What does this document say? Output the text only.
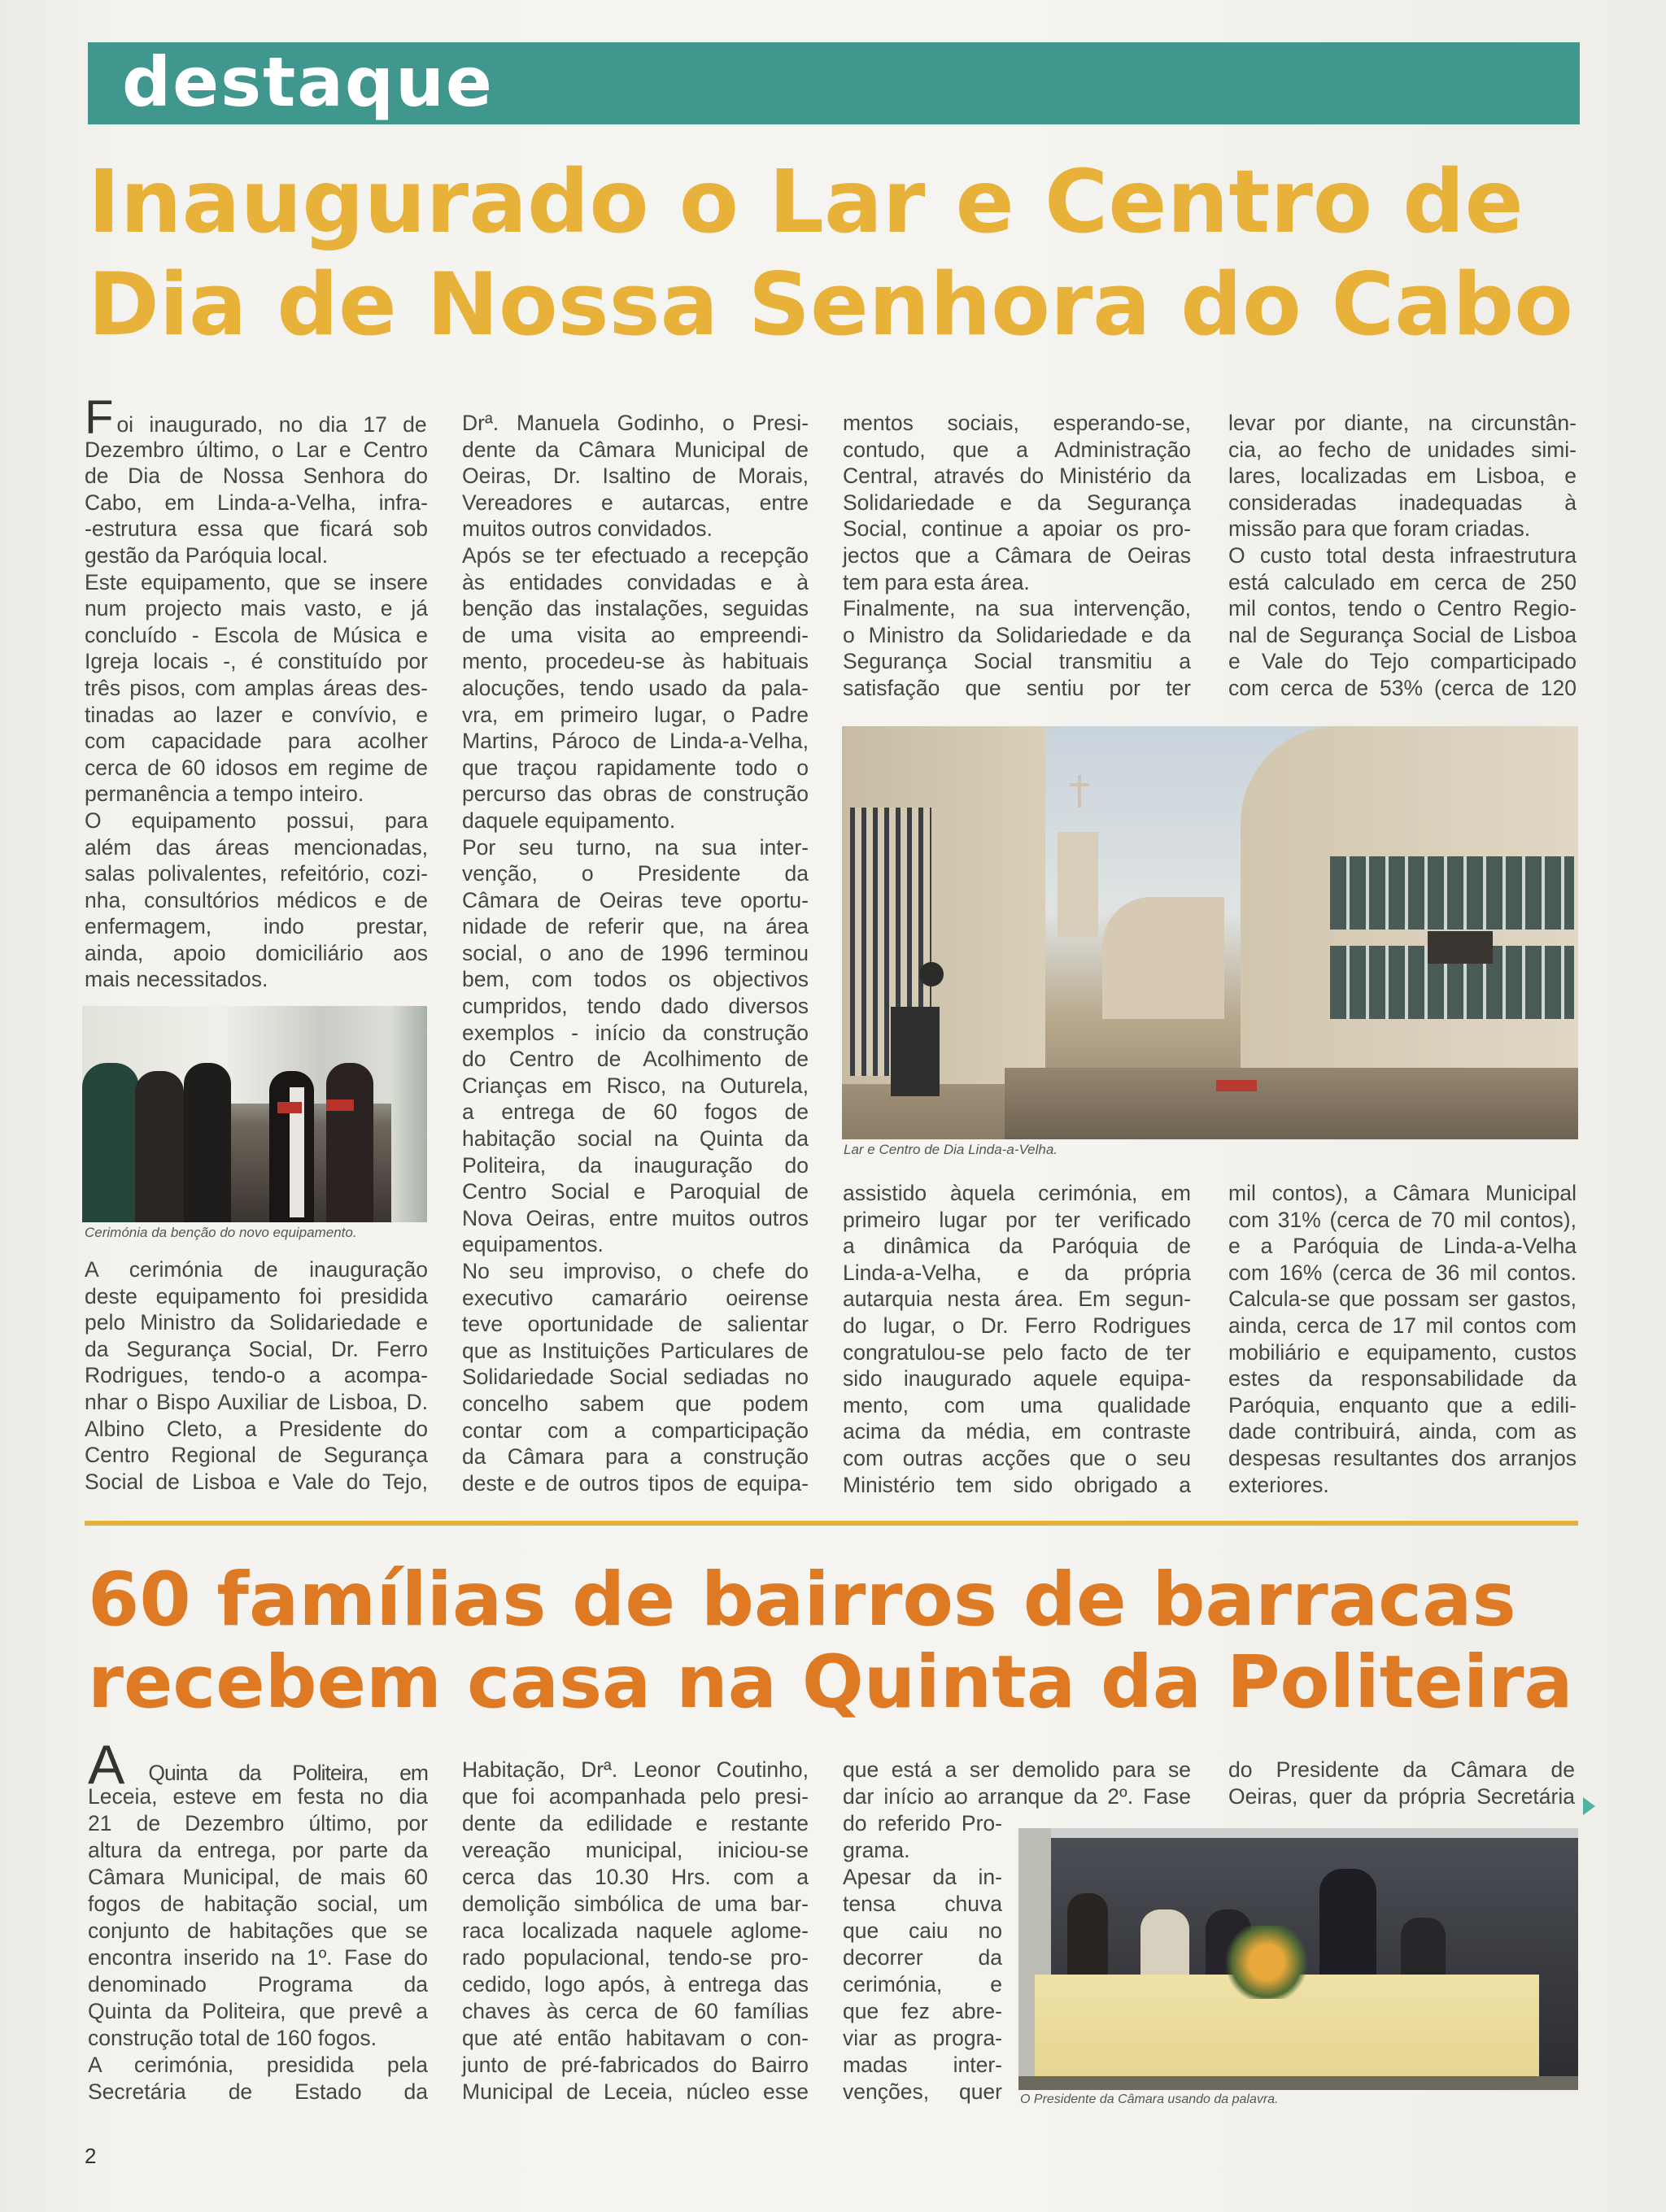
destaque
Inaugurado o Lar e Centro de
Dia de Nossa Senhora do Cabo
Foi inaugurado, no dia 17 de
Dezembro último, o Lar e Centro
de Dia de Nossa Senhora do
Cabo, em Linda-a-Velha, infra-
-estrutura essa que ficará sob
gestão da Paróquia local.
Este equipamento, que se insere
num projecto mais vasto, e já
concluído - Escola de Música e
Igreja locais -, é constituído por
três pisos, com amplas áreas des-
tinadas ao lazer e convívio, e
com capacidade para acolher
cerca de 60 idosos em regime de
permanência a tempo inteiro.
O equipamento possui, para
além das áreas mencionadas,
salas polivalentes, refeitório, cozi-
nha, consultórios médicos e de
enfermagem, indo prestar,
ainda, apoio domiciliário aos
mais necessitados.
Cerimónia da benção do novo equipamento.
A cerimónia de inauguração
deste equipamento foi presidida
pelo Ministro da Solidariedade e
da Segurança Social, Dr. Ferro
Rodrigues, tendo-o a acompa-
nhar o Bispo Auxiliar de Lisboa, D.
Albino Cleto, a Presidente do
Centro Regional de Segurança
Social de Lisboa e Vale do Tejo,
Drª. Manuela Godinho, o Presi-
dente da Câmara Municipal de
Oeiras, Dr. Isaltino de Morais,
Vereadores e autarcas, entre
muitos outros convidados.
Após se ter efectuado a recepção
às entidades convidadas e à
benção das instalações, seguidas
de uma visita ao empreendi-
mento, procedeu-se às habituais
alocuções, tendo usado da pala-
vra, em primeiro lugar, o Padre
Martins, Pároco de Linda-a-Velha,
que traçou rapidamente todo o
percurso das obras de construção
daquele equipamento.
Por seu turno, na sua inter-
venção, o Presidente da
Câmara de Oeiras teve oportu-
nidade de referir que, na área
social, o ano de 1996 terminou
bem, com todos os objectivos
cumpridos, tendo dado diversos
exemplos - início da construção
do Centro de Acolhimento de
Crianças em Risco, na Outurela,
a entrega de 60 fogos de
habitação social na Quinta da
Politeira, da inauguração do
Centro Social e Paroquial de
Nova Oeiras, entre muitos outros
equipamentos.
No seu improviso, o chefe do
executivo camarário oeirense
teve oportunidade de salientar
que as Instituições Particulares de
Solidariedade Social sediadas no
concelho sabem que podem
contar com a comparticipação
da Câmara para a construção
deste e de outros tipos de equipa-
mentos sociais, esperando-se,
contudo, que a Administração
Central, através do Ministério da
Solidariedade e da Segurança
Social, continue a apoiar os pro-
jectos que a Câmara de Oeiras
tem para esta área.
Finalmente, na sua intervenção,
o Ministro da Solidariedade e da
Segurança Social transmitiu a
satisfação que sentiu por ter
levar por diante, na circunstân-
cia, ao fecho de unidades simi-
lares, localizadas em Lisboa, e
consideradas inadequadas à
missão para que foram criadas.
O custo total desta infraestrutura
está calculado em cerca de 250
mil contos, tendo o Centro Regio-
nal de Segurança Social de Lisboa
e Vale do Tejo comparticipado
com cerca de 53% (cerca de 120
Lar e Centro de Dia Linda-a-Velha.
assistido àquela cerimónia, em
primeiro lugar por ter verificado
a dinâmica da Paróquia de
Linda-a-Velha, e da própria
autarquia nesta área. Em segun-
do lugar, o Dr. Ferro Rodrigues
congratulou-se pelo facto de ter
sido inaugurado aquele equipa-
mento, com uma qualidade
acima da média, em contraste
com outras acções que o seu
Ministério tem sido obrigado a
mil contos), a Câmara Municipal
com 31% (cerca de 70 mil contos),
e a Paróquia de Linda-a-Velha
com 16% (cerca de 36 mil contos.
Calcula-se que possam ser gastos,
ainda, cerca de 17 mil contos com
mobiliário e equipamento, custos
estes da responsabilidade da
Paróquia, enquanto que a edili-
dade contribuirá, ainda, com as
despesas resultantes dos arranjos
exteriores.
60 famílias de bairros de barracas
recebem casa na Quinta da Politeira
A Quinta da Politeira, em
Leceia, esteve em festa no dia
21 de Dezembro último, por
altura da entrega, por parte da
Câmara Municipal, de mais 60
fogos de habitação social, um
conjunto de habitações que se
encontra inserido na 1º. Fase do
denominado Programa da
Quinta da Politeira, que prevê a
construção total de 160 fogos.
A cerimónia, presidida pela
Secretária de Estado da
Habitação, Drª. Leonor Coutinho,
que foi acompanhada pelo presi-
dente da edilidade e restante
vereação municipal, iniciou-se
cerca das 10.30 Hrs. com a
demolição simbólica de uma bar-
raca localizada naquele aglome-
rado populacional, tendo-se pro-
cedido, logo após, à entrega das
chaves às cerca de 60 famílias
que até então habitavam o con-
junto de pré-fabricados do Bairro
Municipal de Leceia, núcleo esse
que está a ser demolido para se
dar início ao arranque da 2º. Fase
do referido Pro-
grama.
Apesar da in-
tensa chuva
que caiu no
decorrer da
cerimónia, e
que fez abre-
viar as progra-
madas inter-
venções, quer
do Presidente da Câmara de
Oeiras, quer da própria Secretária
O Presidente da Câmara usando da palavra.
2
